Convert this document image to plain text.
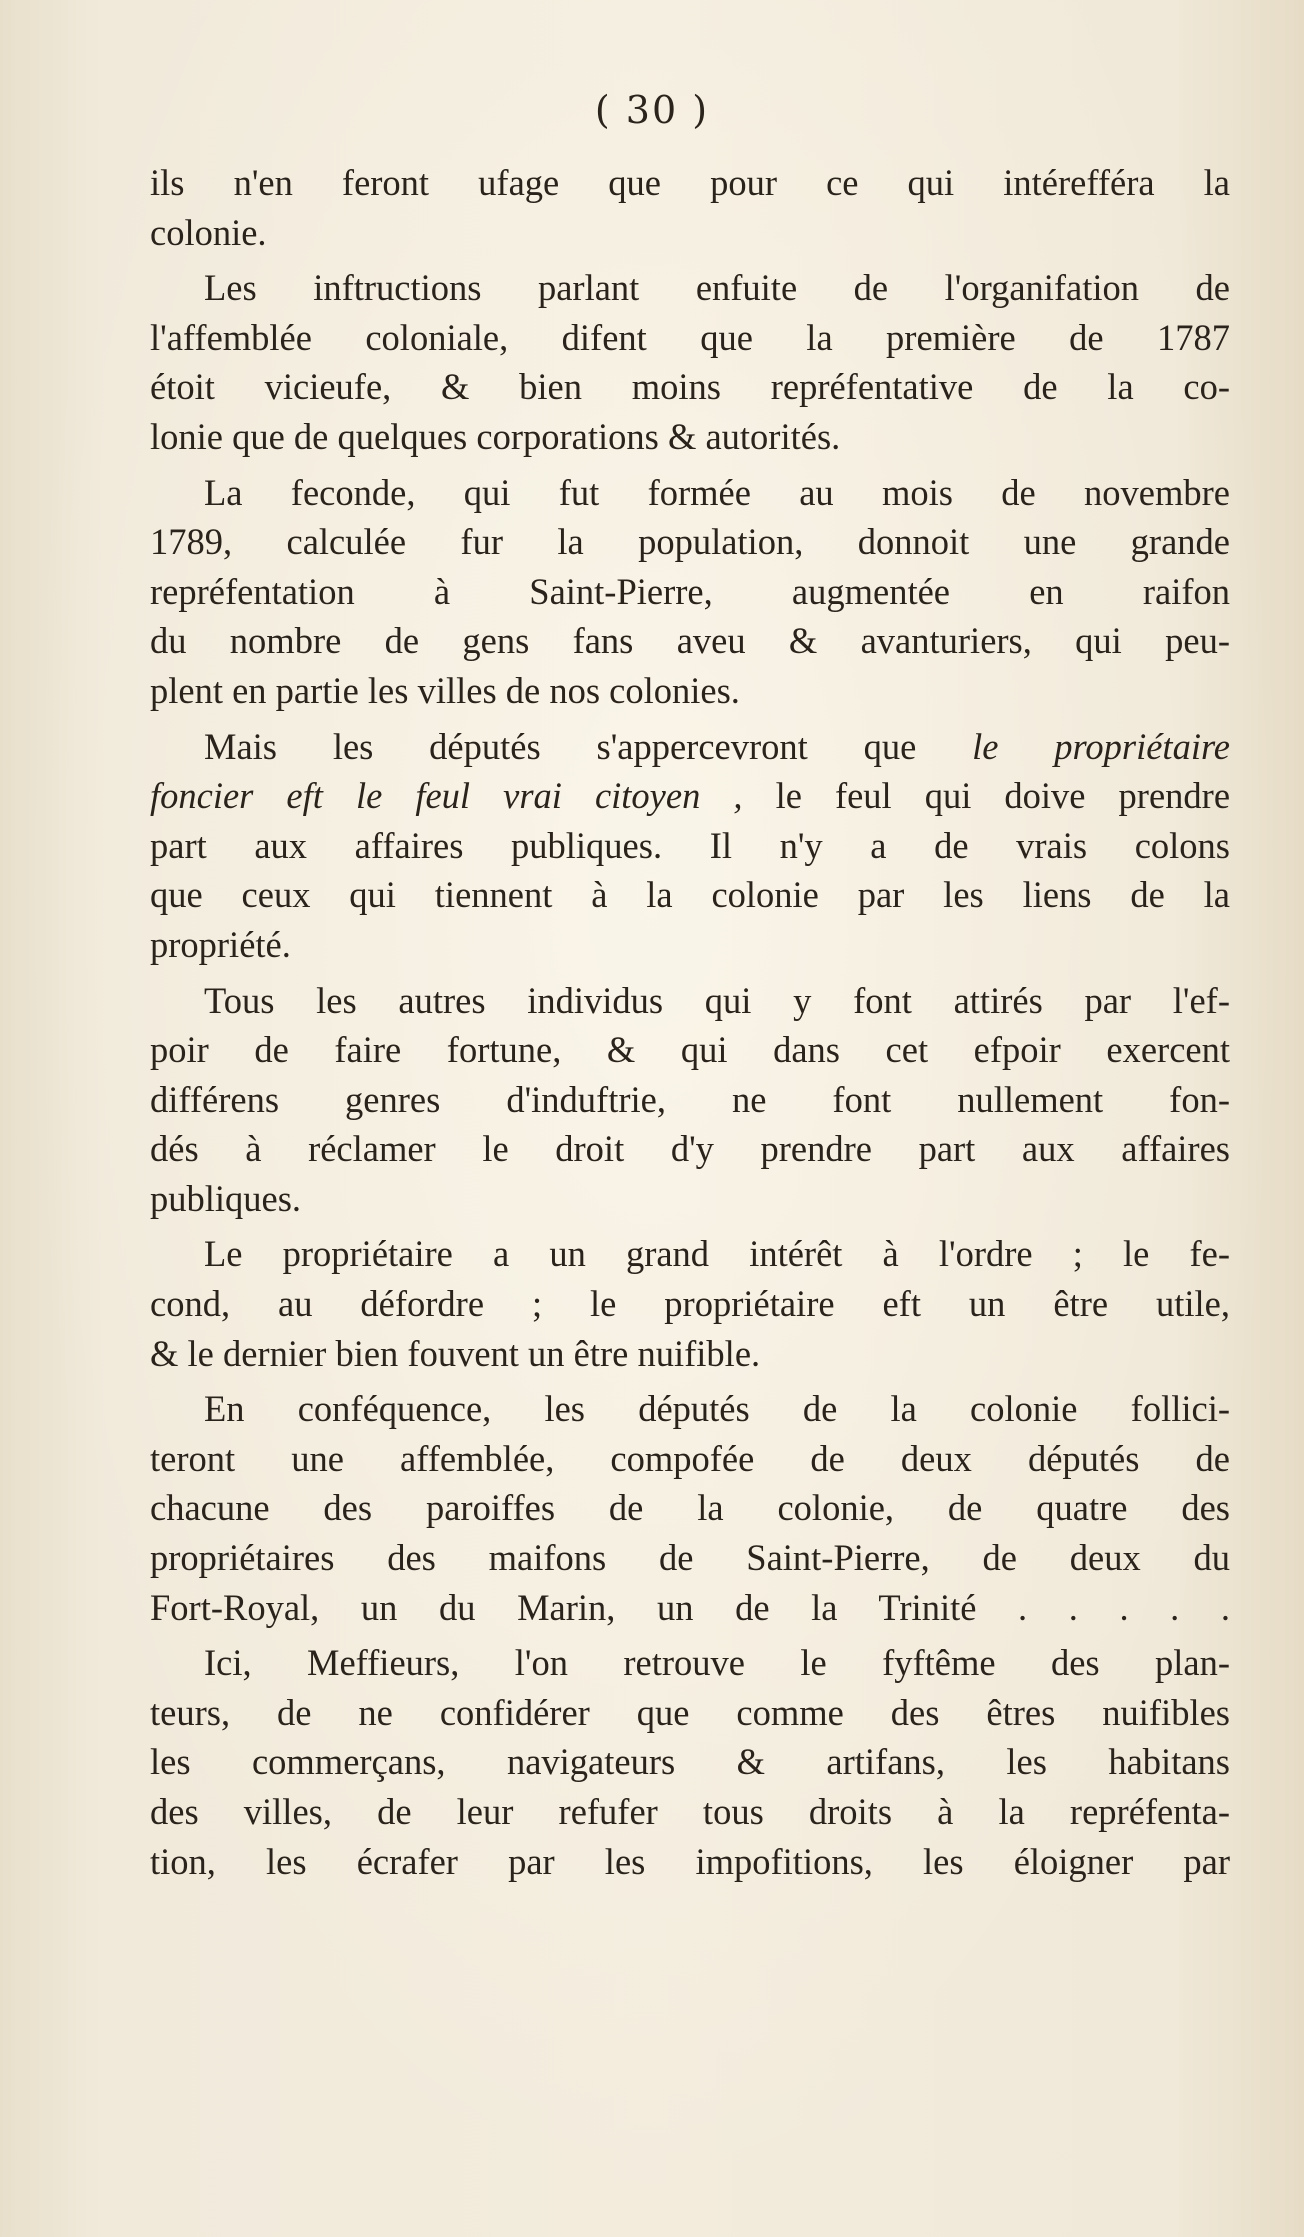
( 30 )
ils n'en feront ufage que pour ce qui intérefféra la
colonie.
Les inftructions parlant enfuite de l'organifation de
l'affemblée coloniale, difent que la première de 1787
étoit vicieufe, & bien moins repréfentative de la co-
lonie que de quelques corporations & autorités.
La feconde, qui fut formée au mois de novembre
1789, calculée fur la population, donnoit une grande
repréfentation à Saint-Pierre, augmentée en raifon
du nombre de gens fans aveu & avanturiers, qui peu-
plent en partie les villes de nos colonies.
Mais les députés s'appercevront que le propriétaire
foncier eft le feul vrai citoyen , le feul qui doive prendre
part aux affaires publiques. Il n'y a de vrais colons
que ceux qui tiennent à la colonie par les liens de la
propriété.
Tous les autres individus qui y font attirés par l'ef-
poir de faire fortune, & qui dans cet efpoir exercent
différens genres d'induftrie, ne font nullement fon-
dés à réclamer le droit d'y prendre part aux affaires
publiques.
Le propriétaire a un grand intérêt à l'ordre ; le fe-
cond, au défordre ; le propriétaire eft un être utile,
& le dernier bien fouvent un être nuifible.
En conféquence, les députés de la colonie follici-
teront une affemblée, compofée de deux députés de
chacune des paroiffes de la colonie, de quatre des
propriétaires des maifons de Saint-Pierre, de deux du
Fort-Royal, un du Marin, un de la Trinité . . . . .
Ici, Meffieurs, l'on retrouve le fyftême des plan-
teurs, de ne confidérer que comme des êtres nuifibles
les commerçans, navigateurs & artifans, les habitans
des villes, de leur refufer tous droits à la repréfenta-
tion, les écrafer par les impofitions, les éloigner par
